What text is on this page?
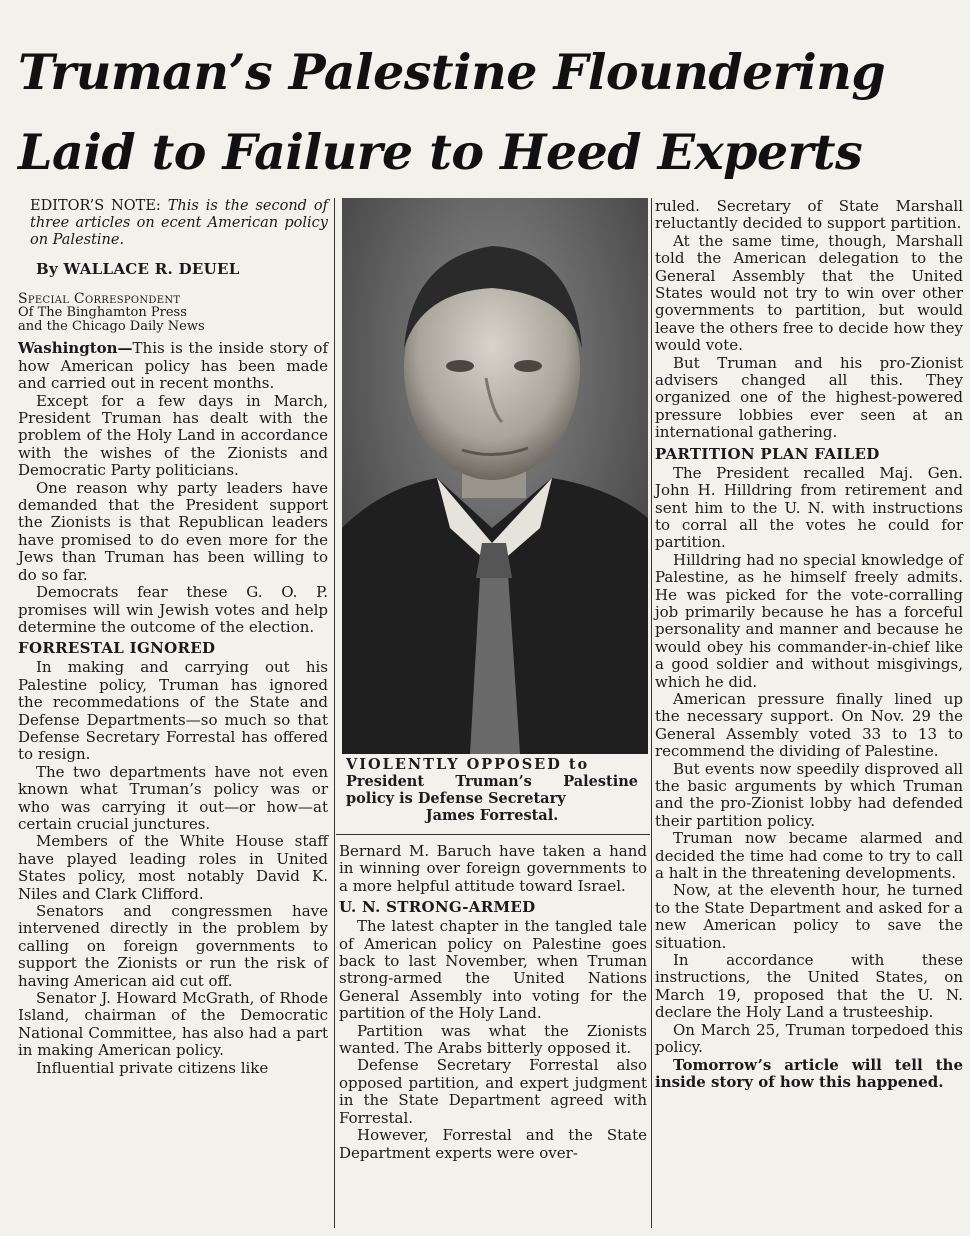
Truman’s Palestine Floundering
Laid to Failure to Heed Experts
EDITOR’S NOTE: This is the second of three articles on ecent American policy on Palestine.
By WALLACE R. DEUEL
Special Correspondent
Of The Binghamton Press
and the Chicago Daily News

Washington—This is the inside story of how American policy has been made and carried out in recent months.

Except for a few days in March, President Truman has dealt with the problem of the Holy Land in accordance with the wishes of the Zionists and Democratic Party politicians.

One reason why party leaders have demanded that the President support the Zionists is that Republican leaders have promised to do even more for the Jews than Truman has been willing to do so far.

Democrats fear these G. O. P. promises will win Jewish votes and help determine the outcome of the election.

FORRESTAL IGNORED

In making and carrying out his Palestine policy, Truman has ignored the recommedations of the State and Defense Departments—so much so that Defense Secretary Forrestal has offered to resign.

The two departments have not even known what Truman’s policy was or who was carrying it out—or how—at certain crucial junctures.

Members of the White House staff have played leading roles in United States policy, most notably David K. Niles and Clark Clifford.

Senators and congressmen have intervened directly in the problem by calling on foreign governments to support the Zionists or run the risk of having American aid cut off.

Senator J. Howard McGrath, of Rhode Island, chairman of the Democratic National Committee, has also had a part in making American policy.

Influential private citizens like

VIOLENTLY OPPOSED to
President Truman’s Palestine policy is Defense Secretary
James Forrestal.

Bernard M. Baruch have taken a hand in winning over foreign governments to a more helpful attitude toward Israel.

U. N. STRONG-ARMED

The latest chapter in the tangled tale of American policy on Palestine goes back to last November, when Truman strong-armed the United Nations General Assembly into voting for the partition of the Holy Land.

Partition was what the Zionists wanted. The Arabs bitterly opposed it.

Defense Secretary Forrestal also opposed partition, and expert judgment in the State Department agreed with Forrestal.

However, Forrestal and the State Department experts were over-

ruled. Secretary of State Marshall reluctantly decided to support partition.

At the same time, though, Marshall told the American delegation to the General Assembly that the United States would not try to win over other governments to partition, but would leave the others free to decide how they would vote.

But Truman and his pro-Zionist advisers changed all this. They organized one of the highest-powered pressure lobbies ever seen at an international gathering.

PARTITION PLAN FAILED

The President recalled Maj. Gen. John H. Hilldring from retirement and sent him to the U. N. with instructions to corral all the votes he could for partition.

Hilldring had no special knowledge of Palestine, as he himself freely admits. He was picked for the vote-corralling job primarily because he has a forceful personality and manner and because he would obey his commander-in-chief like a good soldier and without misgivings, which he did.

American pressure finally lined up the necessary support. On Nov. 29 the General Assembly voted 33 to 13 to recommend the dividing of Palestine.

But events now speedily disproved all the basic arguments by which Truman and the pro-Zionist lobby had defended their partition policy.

Truman now became alarmed and decided the time had come to try to call a halt in the threatening developments.

Now, at the eleventh hour, he turned to the State Department and asked for a new American policy to save the situation.

In accordance with these instructions, the United States, on March 19, proposed that the U. N. declare the Holy Land a trusteeship.

On March 25, Truman torpedoed this policy.

Tomorrow’s article will tell the inside story of how this happened.
